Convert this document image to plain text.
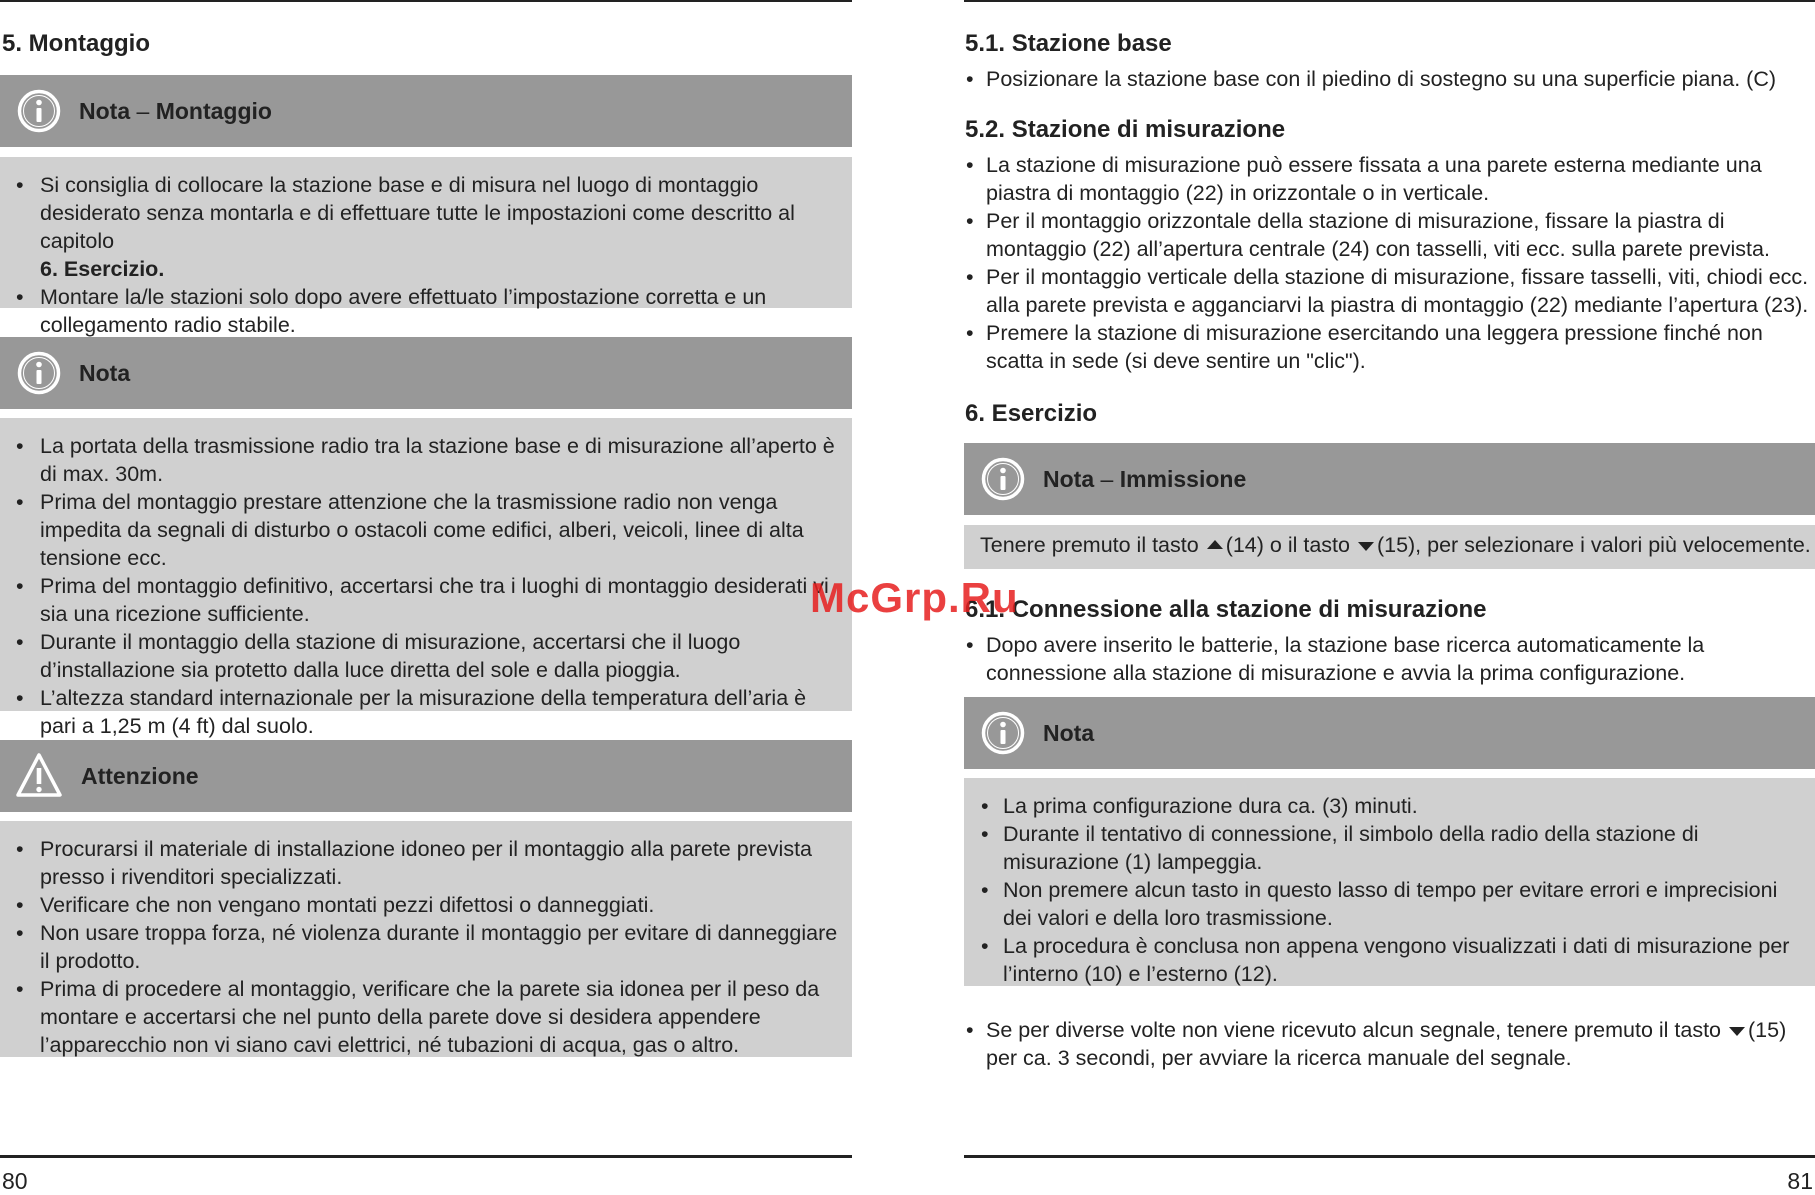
5. Montaggio
Nota – Montaggio
• Si consiglia di collocare la stazione base e di misura nel luogo di montaggio desiderato senza montarla e di effettuare tutte le impostazioni come descritto al capitolo
6. Esercizio.
• Montare la/le stazioni solo dopo avere effettuato l’impostazione corretta e un collegamento radio stabile.
Nota
• La portata della trasmissione radio tra la stazione base e di misurazione all’aperto è di max. 30m.
• Prima del montaggio prestare attenzione che la trasmissione radio non venga impedita da segnali di disturbo o ostacoli come edifici, alberi, veicoli, linee di alta tensione ecc.
• Prima del montaggio definitivo, accertarsi che tra i luoghi di montaggio desiderati vi sia una ricezione sufficiente.
• Durante il montaggio della stazione di misurazione, accertarsi che il luogo d’installazione sia protetto dalla luce diretta del sole e dalla pioggia.
• L’altezza standard internazionale per la misurazione della temperatura dell’aria è pari a 1,25 m (4 ft) dal suolo.
Attenzione
• Procurarsi il materiale di installazione idoneo per il montaggio alla parete prevista presso i rivenditori specializzati.
• Verificare che non vengano montati pezzi difettosi o danneggiati.
• Non usare troppa forza, né violenza durante il montaggio per evitare di danneggiare il prodotto.
• Prima di procedere al montaggio, verificare che la parete sia idonea per il peso da montare e accertarsi che nel punto della parete dove si desidera appendere l’apparecchio non vi siano cavi elettrici, né tubazioni di acqua, gas o altro.
80
5.1. Stazione base
• Posizionare la stazione base con il piedino di sostegno su una superficie piana. (C)
5.2. Stazione di misurazione
• La stazione di misurazione può essere fissata a una parete esterna mediante una piastra di montaggio (22) in orizzontale o in verticale.
• Per il montaggio orizzontale della stazione di misurazione, fissare la piastra di montaggio (22) all’apertura centrale (24) con tasselli, viti ecc. sulla parete prevista.
• Per il montaggio verticale della stazione di misurazione, fissare tasselli, viti, chiodi ecc. alla parete prevista e agganciarvi la piastra di montaggio (22) mediante l’apertura (23).
• Premere la stazione di misurazione esercitando una leggera pressione finché non scatta in sede (si deve sentire un "clic").
6. Esercizio
Nota – Immissione
Tenere premuto il tasto (14) o il tasto (15), per selezionare i valori più velocemente.
6.1. Connessione alla stazione di misurazione
• Dopo avere inserito le batterie, la stazione base ricerca automaticamente la connessione alla stazione di misurazione e avvia la prima configurazione.
Nota
• La prima configurazione dura ca. (3) minuti.
• Durante il tentativo di connessione, il simbolo della radio della stazione di misurazione (1) lampeggia.
• Non premere alcun tasto in questo lasso di tempo per evitare errori e imprecisioni dei valori e della loro trasmissione.
• La procedura è conclusa non appena vengono visualizzati i dati di misurazione per l’interno (10) e l’esterno (12).
• Se per diverse volte non viene ricevuto alcun segnale, tenere premuto il tasto (15) per ca. 3 secondi, per avviare la ricerca manuale del segnale.
81
McGrp.Ru
